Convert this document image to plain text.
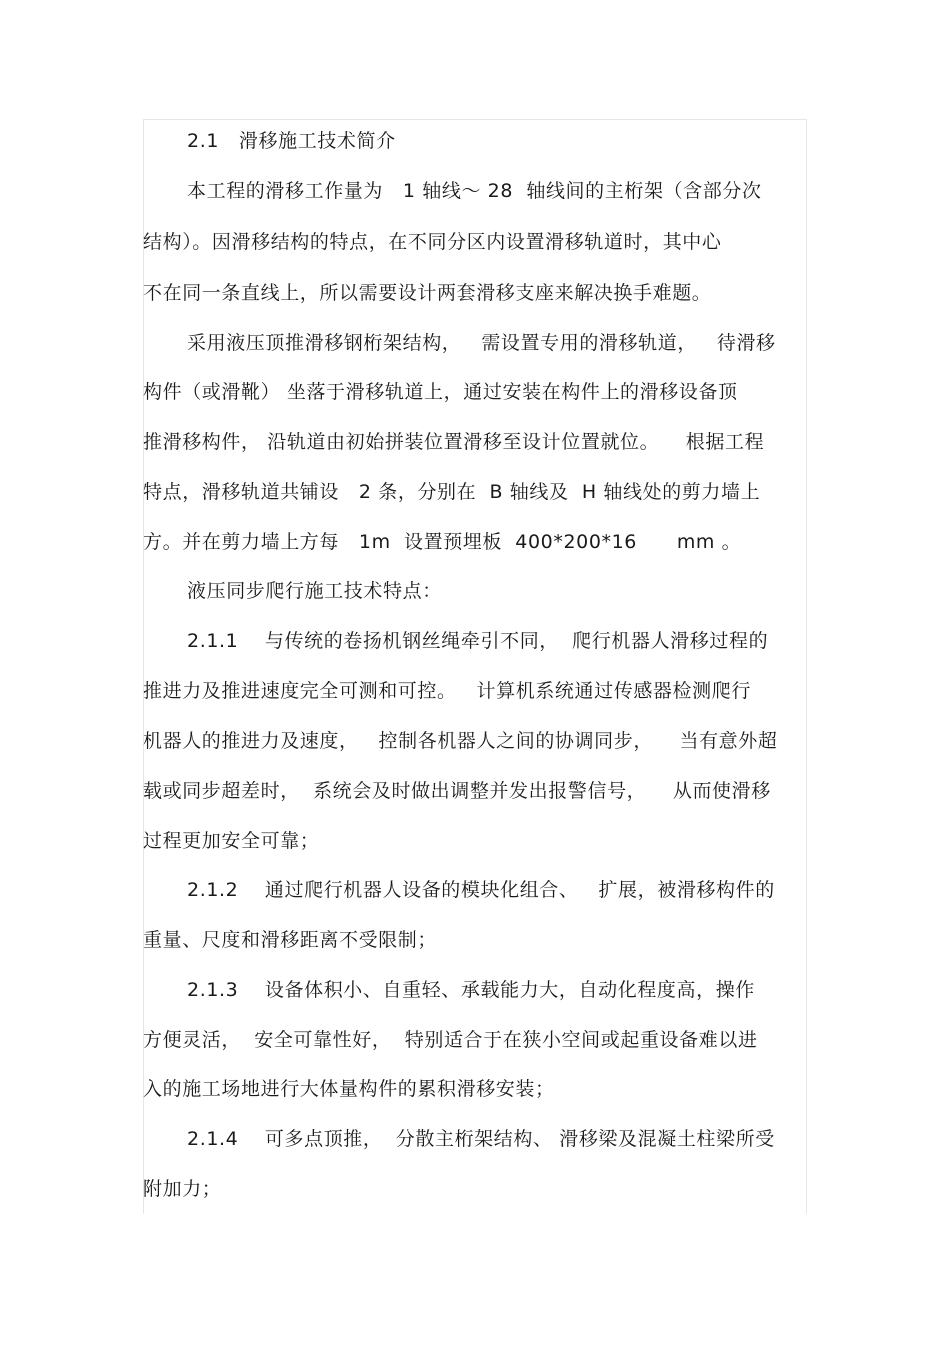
2.1   滑移施工技术简介
本工程的滑移工作量为   1 轴线～ 28  轴线间的主桁架（含部分次
结构）。因滑移结构的特点，在不同分区内设置滑移轨道时，其中心
不在同一条直线上，所以需要设计两套滑移支座来解决换手难题。
采用液压顶推滑移钢桁架结构，   需设置专用的滑移轨道，   待滑移
构件（或滑靴） 坐落于滑移轨道上，通过安装在构件上的滑移设备顶
推滑移构件， 沿轨道由初始拼装位置滑移至设计位置就位。    根据工程
特点，滑移轨道共铺设   2 条，分别在  B 轴线及  H 轴线处的剪力墙上
方。并在剪力墙上方每   1m  设置预埋板  400*200*16      mm 。
液压同步爬行施工技术特点：
2.1.1    与传统的卷扬机钢丝绳牵引不同，  爬行机器人滑移过程的
推进力及推进速度完全可测和可控。   计算机系统通过传感器检测爬行
机器人的推进力及速度，   控制各机器人之间的协调同步，    当有意外超
载或同步超差时，  系统会及时做出调整并发出报警信号，    从而使滑移
过程更加安全可靠；
2.1.2    通过爬行机器人设备的模块化组合、   扩展，被滑移构件的
重量、尺度和滑移距离不受限制；
2.1.3    设备体积小、自重轻、承载能力大，自动化程度高，操作
方便灵活，  安全可靠性好，  特别适合于在狭小空间或起重设备难以进
入的施工场地进行大体量构件的累积滑移安装；
2.1.4    可多点顶推，  分散主桁架结构、 滑移梁及混凝土柱梁所受
附加力；
